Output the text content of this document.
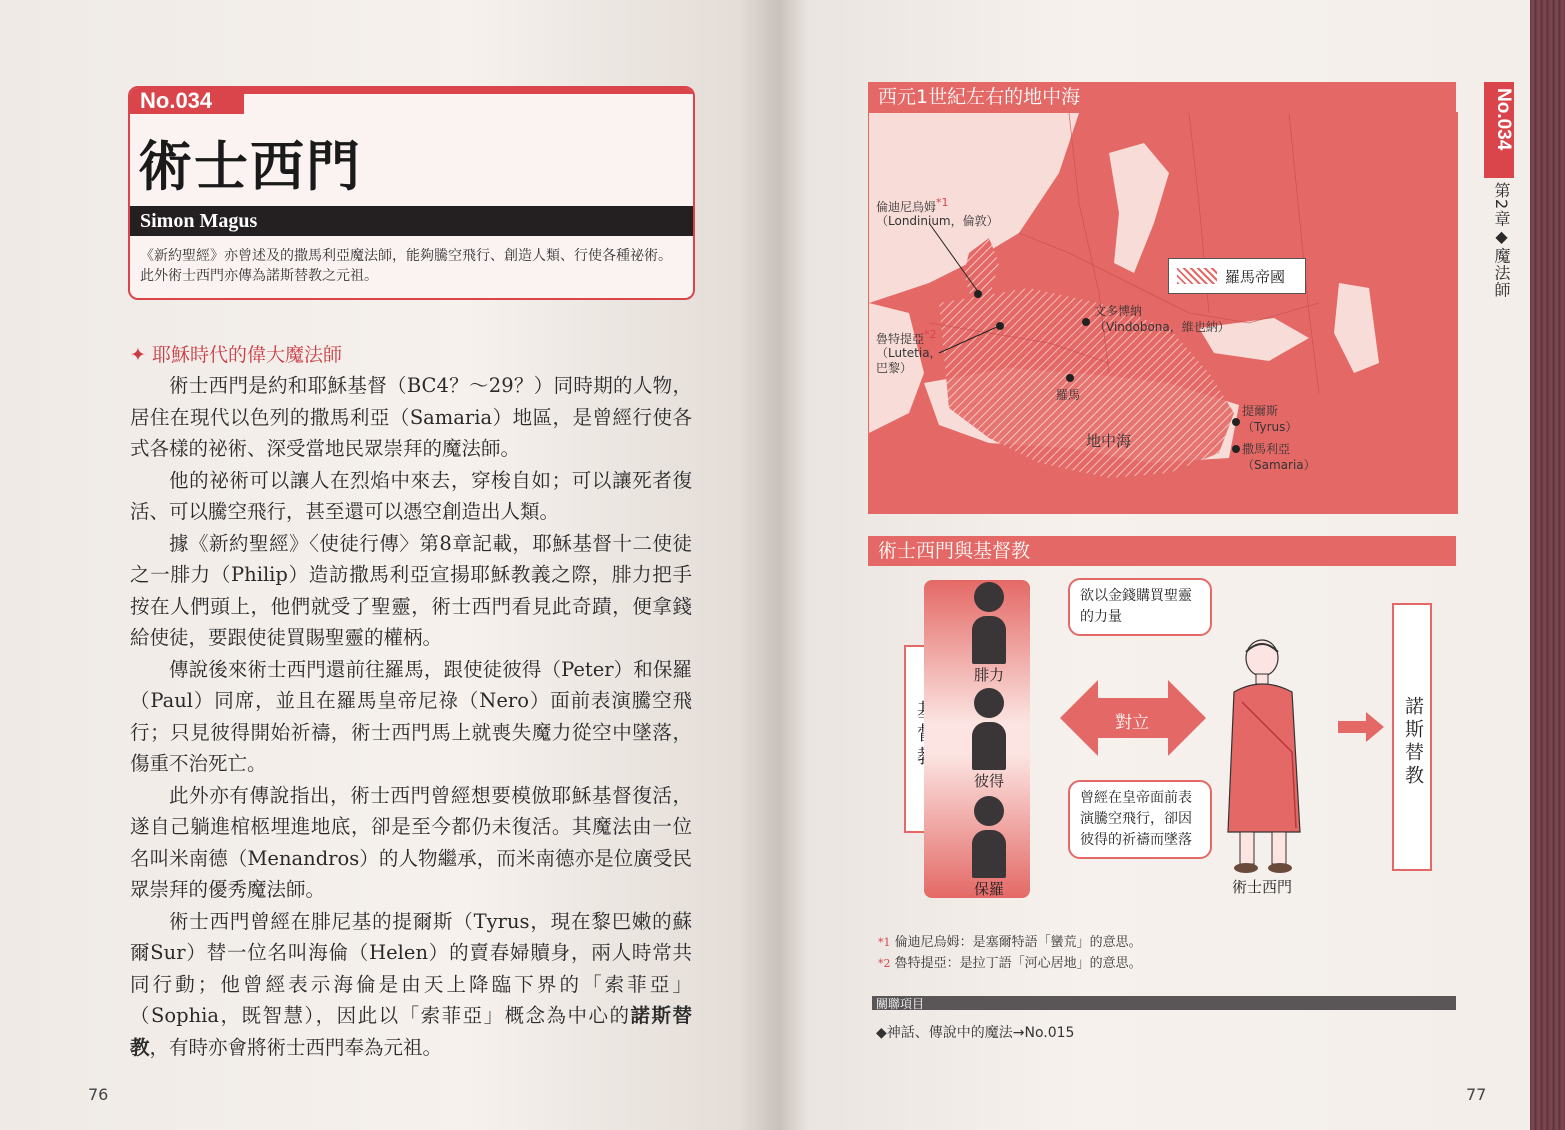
No.034
術士西門
Simon Magus
《新約聖經》亦曾述及的撒馬利亞魔法師，能夠騰空飛行、創造人類、行使各種祕術。此外術士西門亦傳為諾斯替教之元祖。
✦ 耶穌時代的偉大魔法師

術士西門是約和耶穌基督（BC4？～29？）同時期的人物，居住在現代以色列的撒馬利亞（Samaria）地區，是曾經行使各式各樣的祕術、深受當地民眾崇拜的魔法師。

他的祕術可以讓人在烈焰中來去，穿梭自如；可以讓死者復活、可以騰空飛行，甚至還可以憑空創造出人類。

據《新約聖經》〈使徒行傳〉第8章記載，耶穌基督十二使徒之一腓力（Philip）造訪撒馬利亞宣揚耶穌教義之際，腓力把手按在人們頭上，他們就受了聖靈，術士西門看見此奇蹟，便拿錢給使徒，要跟使徒買賜聖靈的權柄。

傳說後來術士西門還前往羅馬，跟使徒彼得（Peter）和保羅（Paul）同席，並且在羅馬皇帝尼祿（Nero）面前表演騰空飛行；只見彼得開始祈禱，術士西門馬上就喪失魔力從空中墜落，傷重不治死亡。

此外亦有傳說指出，術士西門曾經想要模倣耶穌基督復活，遂自己躺進棺柩埋進地底，卻是至今都仍未復活。其魔法由一位名叫米南德（Menandros）的人物繼承，而米南德亦是位廣受民眾崇拜的優秀魔法師。

術士西門曾經在腓尼基的提爾斯（Tyrus，現在黎巴嫩的蘇爾Sur）替一位名叫海倫（Helen）的賣春婦贖身，兩人時常共同行動；他曾經表示海倫是由天上降臨下界的「索菲亞」（Sophia，既智慧），因此以「索菲亞」概念為中心的諾斯替教，有時亦會將術士西門奉為元祖。

76
No.034
第2章◆魔法師
西元1世紀左右的地中海
倫迪尼烏姆$^{*1}$
（Londinium，倫敦）
魯特提亞$^{*2}$
（Lutetia，
巴黎）
文多博納
（Vindobona，維也納）
羅馬
地中海
提爾斯
（Tyrus）
撒馬利亞
（Samaria）
羅馬帝國
術士西門與基督教
腓力
彼得
保羅
對立
欲以金錢購買聖靈的力量
曾經在皇帝面前表演騰空飛行，卻因彼得的祈禱而墜落
術士西門
諾斯替教
*1 倫迪尼烏姆：是塞爾特語「蠻荒」的意思。
*2 魯特提亞：是拉丁語「河心居地」的意思。
關聯項目
◆神話、傳說中的魔法→No.015
77
